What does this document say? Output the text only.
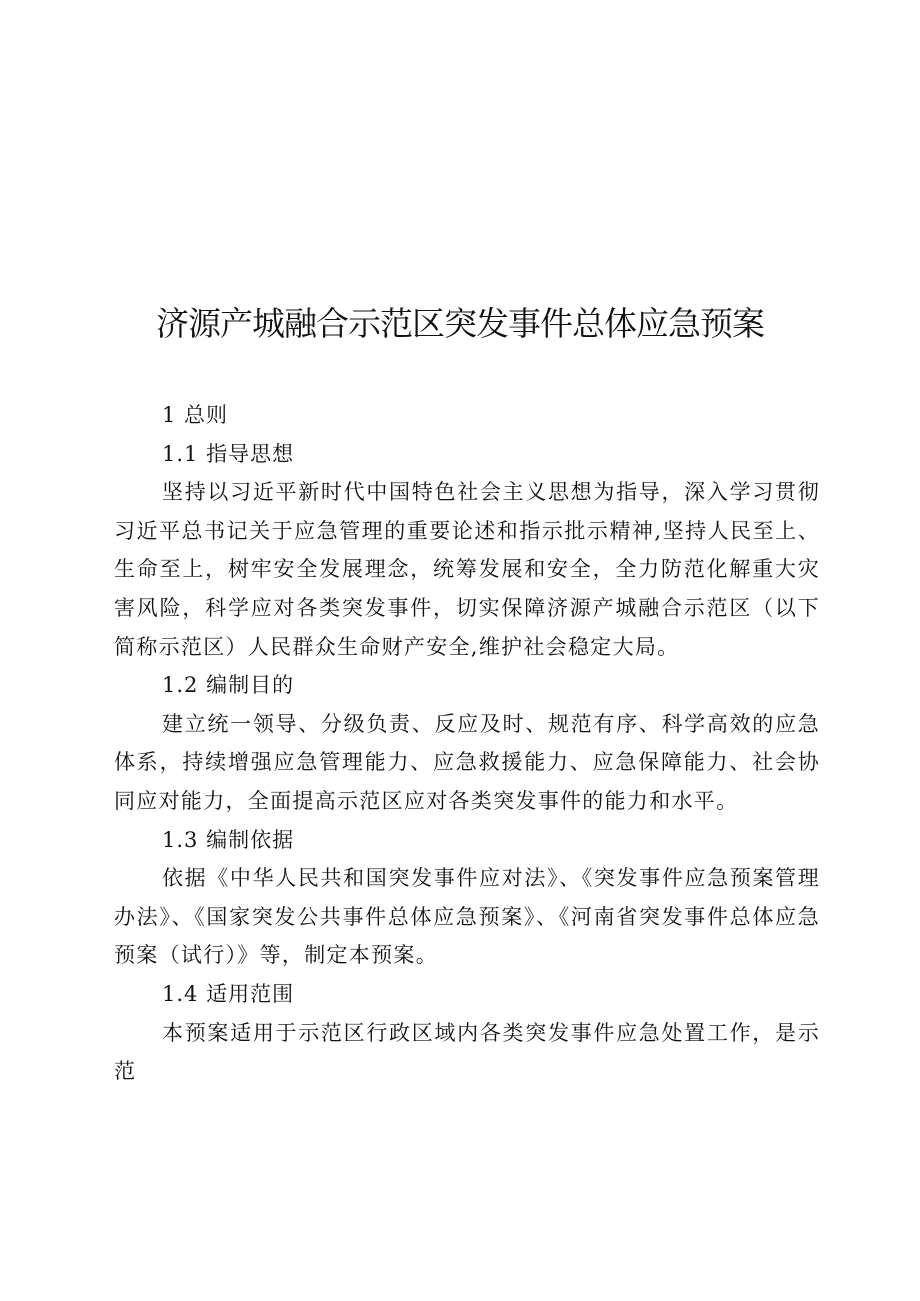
济源产城融合示范区突发事件总体应急预案
1 总则
1.1 指导思想

坚持以习近平新时代中国特色社会主义思想为指导，深入学习贯彻习近平总书记关于应急管理的重要论述和指示批示精神,坚持人民至上、生命至上，树牢安全发展理念，统筹发展和安全，全力防范化解重大灾害风险，科学应对各类突发事件，切实保障济源产城融合示范区（以下简称示范区）人民群众生命财产安全,维护社会稳定大局。

1.2 编制目的

建立统一领导、分级负责、反应及时、规范有序、科学高效的应急体系，持续增强应急管理能力、应急救援能力、应急保障能力、社会协同应对能力，全面提高示范区应对各类突发事件的能力和水平。

1.3 编制依据

依据《中华人民共和国突发事件应对法》、《突发事件应急预案管理办法》、《国家突发公共事件总体应急预案》、《河南省突发事件总体应急预案（试行）》等，制定本预案。

1.4 适用范围

本预案适用于示范区行政区域内各类突发事件应急处置工作，是示范
